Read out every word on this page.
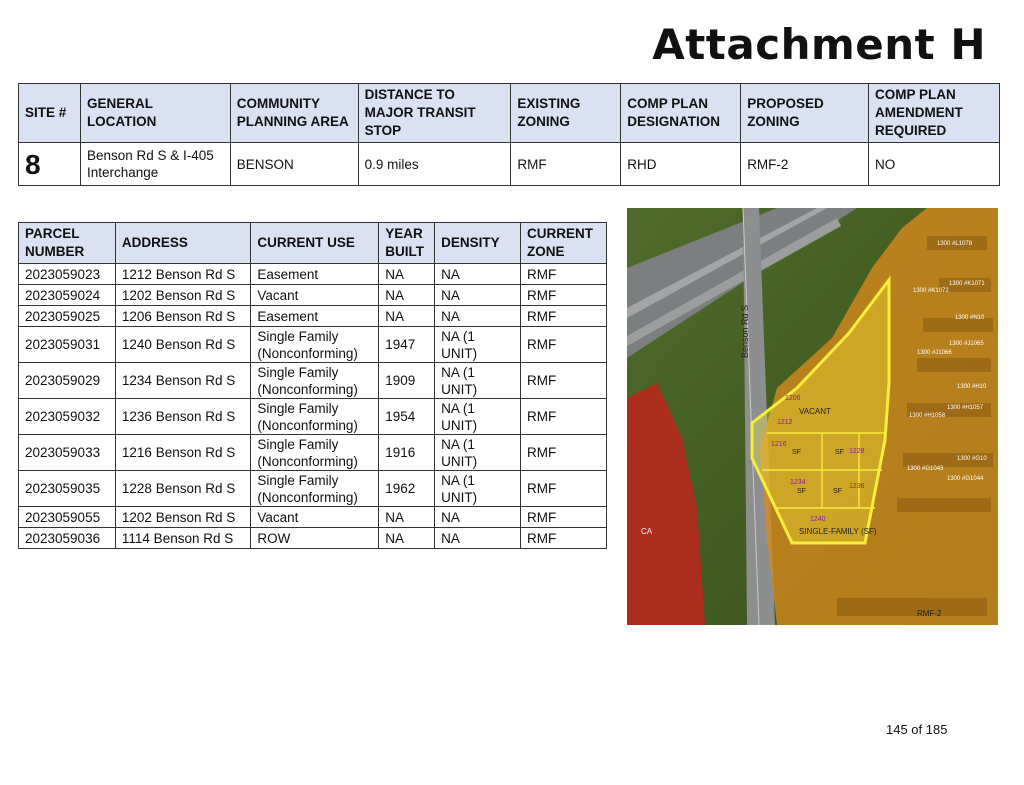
Attachment H
SITE #	GENERAL LOCATION	COMMUNITY PLANNING AREA	DISTANCE TO MAJOR TRANSIT STOP	EXISTING ZONING	COMP PLAN DESIGNATION	PROPOSED ZONING	COMP PLAN AMENDMENT REQUIRED
8	Benson Rd S & I-405 Interchange	BENSON	0.9 miles	RMF	RHD	RMF-2	NO
PARCEL NUMBER	ADDRESS	CURRENT USE	YEAR BUILT	DENSITY	CURRENT ZONE
2023059023	1212 Benson Rd S	Easement	NA	NA	RMF
2023059024	1202 Benson Rd S	Vacant	NA	NA	RMF
2023059025	1206 Benson Rd S	Easement	NA	NA	RMF
2023059031	1240 Benson Rd S	Single Family (Nonconforming)	1947	NA (1 UNIT)	RMF
2023059029	1234 Benson Rd S	Single Family (Nonconforming)	1909	NA (1 UNIT)	RMF
2023059032	1236 Benson Rd S	Single Family (Nonconforming)	1954	NA (1 UNIT)	RMF
2023059033	1216 Benson Rd S	Single Family (Nonconforming)	1916	NA (1 UNIT)	RMF
2023059035	1228 Benson Rd S	Single Family (Nonconforming)	1962	NA (1 UNIT)	RMF
2023059055	1202 Benson Rd S	Vacant	NA	NA	RMF
2023059036	1114 Benson Rd S	ROW	NA	NA	RMF
Benson Rd S
VACANT
SINGLE-FAMILY (SF)
SF	SF
SF	SF
RMF-2
CA
1206
1212
1216
1228
1234
1236
1240
1300 #L1078
1300 #K1071
1300 #K1072
1300 #N10
1300 #J1065
1300 #J1066
1300 #H10
1300 #H1057
1300 #H1058
1300 #G10
1300 #G1043
1300 #G1044
145 of 185
